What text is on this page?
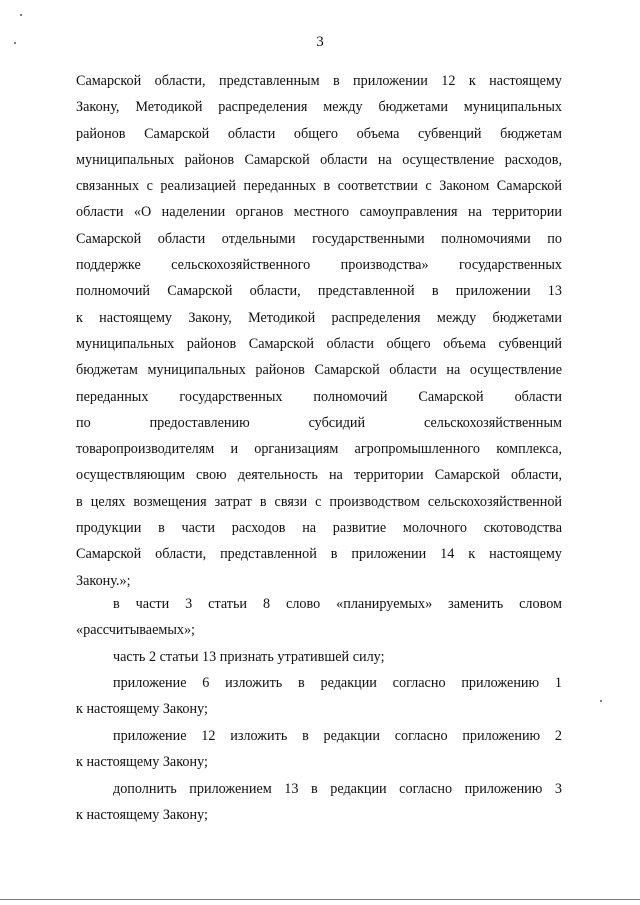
3
Самарской области, представленным в приложении 12 к настоящему
Закону, Методикой распределения между бюджетами муниципальных
районов Самарской области общего объема субвенций бюджетам
муниципальных районов Самарской области на осуществление расходов,
связанных с реализацией переданных в соответствии с Законом Самарской
области «О наделении органов местного самоуправления на территории
Самарской области отдельными государственными полномочиями по
поддержке сельскохозяйственного производства» государственных
полномочий Самарской области, представленной в приложении 13
к настоящему Закону, Методикой распределения между бюджетами
муниципальных районов Самарской области общего объема субвенций
бюджетам муниципальных районов Самарской области на осуществление
переданных государственных полномочий Самарской области
по предоставлению субсидий сельскохозяйственным
товаропроизводителям и организациям агропромышленного комплекса,
осуществляющим свою деятельность на территории Самарской области,
в целях возмещения затрат в связи с производством сельскохозяйственной
продукции в части расходов на развитие молочного скотоводства
Самарской области, представленной в приложении 14 к настоящему
Закону.»;
в части 3 статьи 8 слово «планируемых» заменить словом
«рассчитываемых»;
часть 2 статьи 13 признать утратившей силу;
приложение 6 изложить в редакции согласно приложению 1
к настоящему Закону;
приложение 12 изложить в редакции согласно приложению 2
к настоящему Закону;
дополнить приложением 13 в редакции согласно приложению 3
к настоящему Закону;
